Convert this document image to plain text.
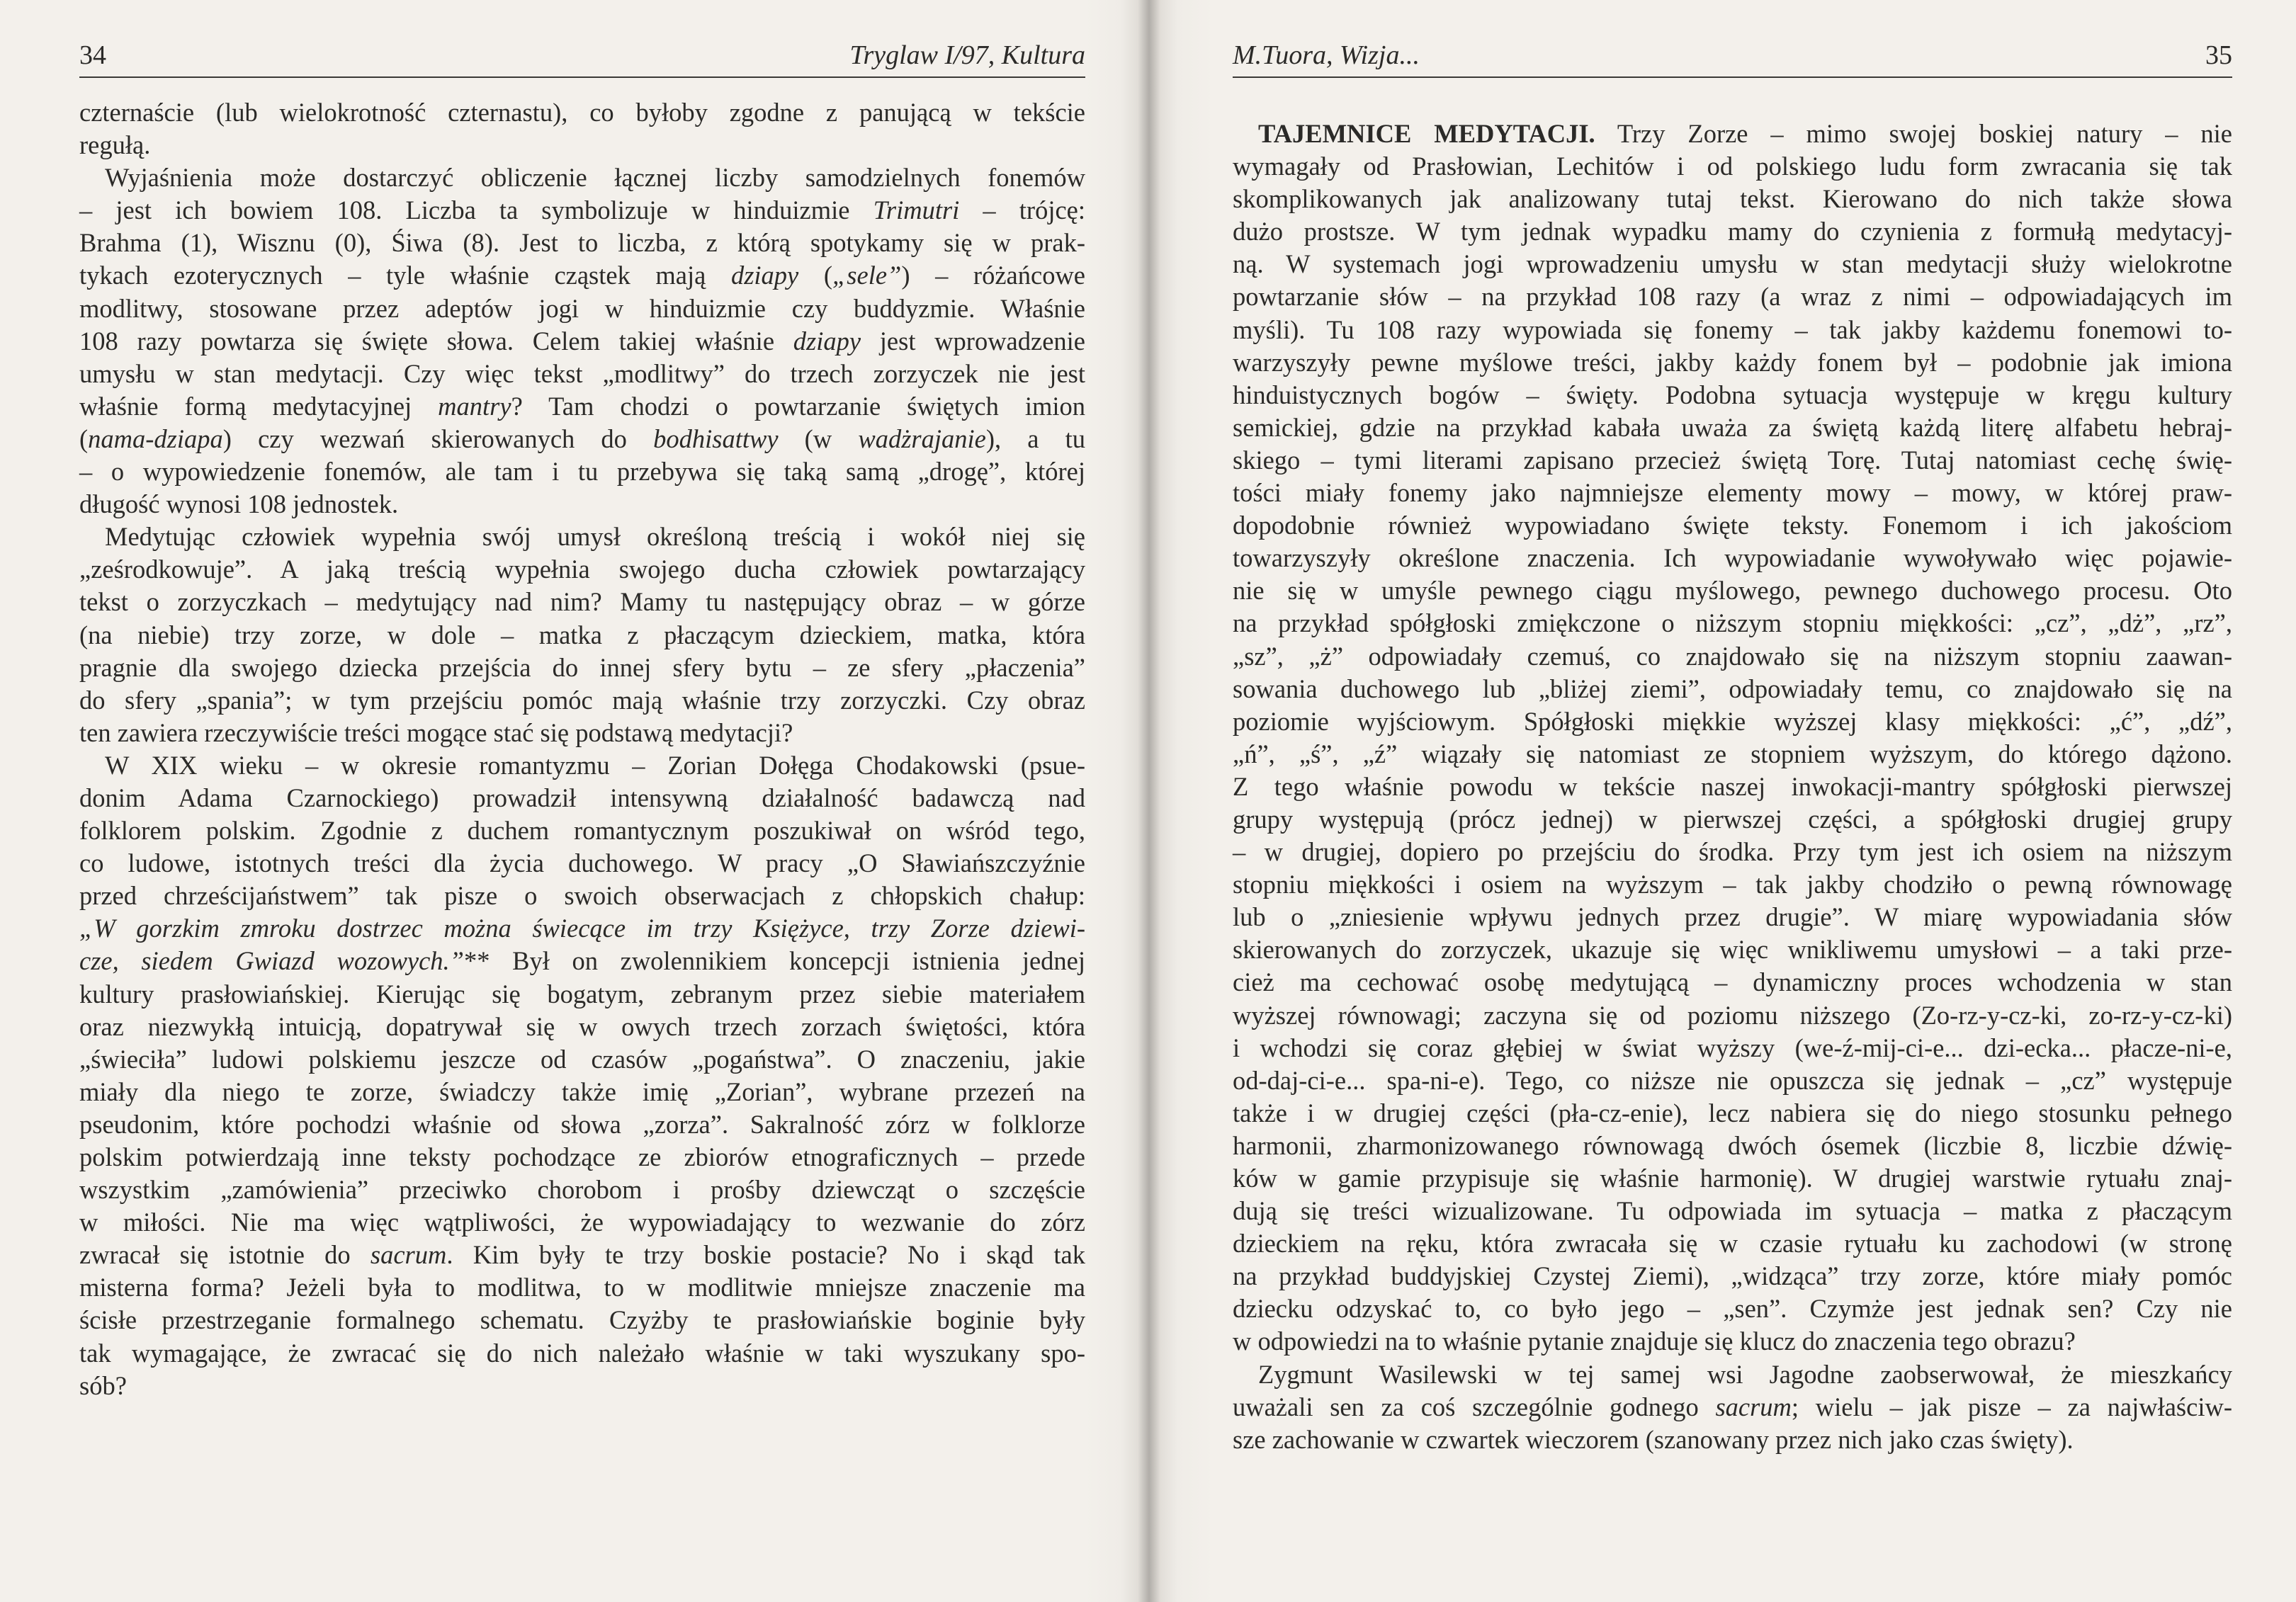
34	Tryglaw I/97, Kultura

czternaście (lub wielokrotność czternastu), co byłoby zgodne z panującą w tekście
regułą.

Wyjaśnienia może dostarczyć obliczenie łącznej liczby samodzielnych fonemów
– jest ich bowiem 108. Liczba ta symbolizuje w hinduizmie Trimutri – trójcę:
Brahma (1), Wisznu (0), Śiwa (8). Jest to liczba, z którą spotykamy się w prak-
tykach ezoterycznych – tyle właśnie cząstek mają dziapy („sele”) – różańcowe
modlitwy, stosowane przez adeptów jogi w hinduizmie czy buddyzmie. Właśnie
108 razy powtarza się święte słowa. Celem takiej właśnie dziapy jest wprowadzenie
umysłu w stan medytacji. Czy więc tekst „modlitwy” do trzech zorzyczek nie jest
właśnie formą medytacyjnej mantry? Tam chodzi o powtarzanie świętych imion
(nama-dziapa) czy wezwań skierowanych do bodhisattwy (w wadżrajanie), a tu
– o wypowiedzenie fonemów, ale tam i tu przebywa się taką samą „drogę”, której
długość wynosi 108 jednostek.

Medytując człowiek wypełnia swój umysł określoną treścią i wokół niej się
„ześrodkowuje”. A jaką treścią wypełnia swojego ducha człowiek powtarzający
tekst o zorzyczkach – medytujący nad nim? Mamy tu następujący obraz – w górze
(na niebie) trzy zorze, w dole – matka z płaczącym dzieckiem, matka, która
pragnie dla swojego dziecka przejścia do innej sfery bytu – ze sfery „płaczenia”
do sfery „spania”; w tym przejściu pomóc mają właśnie trzy zorzyczki. Czy obraz
ten zawiera rzeczywiście treści mogące stać się podstawą medytacji?

W XIX wieku – w okresie romantyzmu – Zorian Dołęga Chodakowski (psue-
donim Adama Czarnockiego) prowadził intensywną działalność badawczą nad
folklorem polskim. Zgodnie z duchem romantycznym poszukiwał on wśród tego,
co ludowe, istotnych treści dla życia duchowego. W pracy „O Sławiańszczyźnie
przed chrześcijaństwem” tak pisze o swoich obserwacjach z chłopskich chałup:
„W gorzkim zmroku dostrzec można świecące im trzy Księżyce, trzy Zorze dziewi-
cze, siedem Gwiazd wozowych.”** Był on zwolennikiem koncepcji istnienia jednej
kultury prasłowiańskiej. Kierując się bogatym, zebranym przez siebie materiałem
oraz niezwykłą intuicją, dopatrywał się w owych trzech zorzach świętości, która
„świeciła” ludowi polskiemu jeszcze od czasów „pogaństwa”. O znaczeniu, jakie
miały dla niego te zorze, świadczy także imię „Zorian”, wybrane przezeń na
pseudonim, które pochodzi właśnie od słowa „zorza”. Sakralność zórz w folklorze
polskim potwierdzają inne teksty pochodzące ze zbiorów etnograficznych – przede
wszystkim „zamówienia” przeciwko chorobom i prośby dziewcząt o szczęście
w miłości. Nie ma więc wątpliwości, że wypowiadający to wezwanie do zórz
zwracał się istotnie do sacrum. Kim były te trzy boskie postacie? No i skąd tak
misterna forma? Jeżeli była to modlitwa, to w modlitwie mniejsze znaczenie ma
ścisłe przestrzeganie formalnego schematu. Czyżby te prasłowiańskie boginie były
tak wymagające, że zwracać się do nich należało właśnie w taki wyszukany spo-
sób?

M.Tuora, Wizja...	35

TAJEMNICE MEDYTACJI. Trzy Zorze – mimo swojej boskiej natury – nie
wymagały od Prasłowian, Lechitów i od polskiego ludu form zwracania się tak
skomplikowanych jak analizowany tutaj tekst. Kierowano do nich także słowa
dużo prostsze. W tym jednak wypadku mamy do czynienia z formułą medytacyj-
ną. W systemach jogi wprowadzeniu umysłu w stan medytacji służy wielokrotne
powtarzanie słów – na przykład 108 razy (a wraz z nimi – odpowiadających im
myśli). Tu 108 razy wypowiada się fonemy – tak jakby każdemu fonemowi to-
warzyszyły pewne myślowe treści, jakby każdy fonem był – podobnie jak imiona
hinduistycznych bogów – święty. Podobna sytuacja występuje w kręgu kultury
semickiej, gdzie na przykład kabała uważa za świętą każdą literę alfabetu hebraj-
skiego – tymi literami zapisano przecież świętą Torę. Tutaj natomiast cechę świę-
tości miały fonemy jako najmniejsze elementy mowy – mowy, w której praw-
dopodobnie również wypowiadano święte teksty. Fonemom i ich jakościom
towarzyszyły określone znaczenia. Ich wypowiadanie wywoływało więc pojawie-
nie się w umyśle pewnego ciągu myślowego, pewnego duchowego procesu. Oto
na przykład spółgłoski zmiękczone o niższym stopniu miękkości: „cz”, „dż”, „rz”,
„sz”, „ż” odpowiadały czemuś, co znajdowało się na niższym stopniu zaawan-
sowania duchowego lub „bliżej ziemi”, odpowiadały temu, co znajdowało się na
poziomie wyjściowym. Spółgłoski miękkie wyższej klasy miękkości: „ć”, „dź”,
„ń”, „ś”, „ź” wiązały się natomiast ze stopniem wyższym, do którego dążono.
Z tego właśnie powodu w tekście naszej inwokacji-mantry spółgłoski pierwszej
grupy występują (prócz jednej) w pierwszej części, a spółgłoski drugiej grupy
– w drugiej, dopiero po przejściu do środka. Przy tym jest ich osiem na niższym
stopniu miękkości i osiem na wyższym – tak jakby chodziło o pewną równowagę
lub o „zniesienie wpływu jednych przez drugie”. W miarę wypowiadania słów
skierowanych do zorzyczek, ukazuje się więc wnikliwemu umysłowi – a taki prze-
cież ma cechować osobę medytującą – dynamiczny proces wchodzenia w stan
wyższej równowagi; zaczyna się od poziomu niższego (Zo-rz-y-cz-ki, zo-rz-y-cz-ki)
i wchodzi się coraz głębiej w świat wyższy (we-ź-mij-ci-e... dzi-ecka... płacze-ni-e,
od-daj-ci-e... spa-ni-e). Tego, co niższe nie opuszcza się jednak – „cz” występuje
także i w drugiej części (pła-cz-enie), lecz nabiera się do niego stosunku pełnego
harmonii, zharmonizowanego równowagą dwóch ósemek (liczbie 8, liczbie dźwię-
ków w gamie przypisuje się właśnie harmonię). W drugiej warstwie rytuału znaj-
dują się treści wizualizowane. Tu odpowiada im sytuacja – matka z płaczącym
dzieckiem na ręku, która zwracała się w czasie rytuału ku zachodowi (w stronę
na przykład buddyjskiej Czystej Ziemi), „widząca” trzy zorze, które miały pomóc
dziecku odzyskać to, co było jego – „sen”. Czymże jest jednak sen? Czy nie
w odpowiedzi na to właśnie pytanie znajduje się klucz do znaczenia tego obrazu?

Zygmunt Wasilewski w tej samej wsi Jagodne zaobserwował, że mieszkańcy
uważali sen za coś szczególnie godnego sacrum; wielu – jak pisze – za najwłaściw-
sze zachowanie w czwartek wieczorem (szanowany przez nich jako czas święty).
